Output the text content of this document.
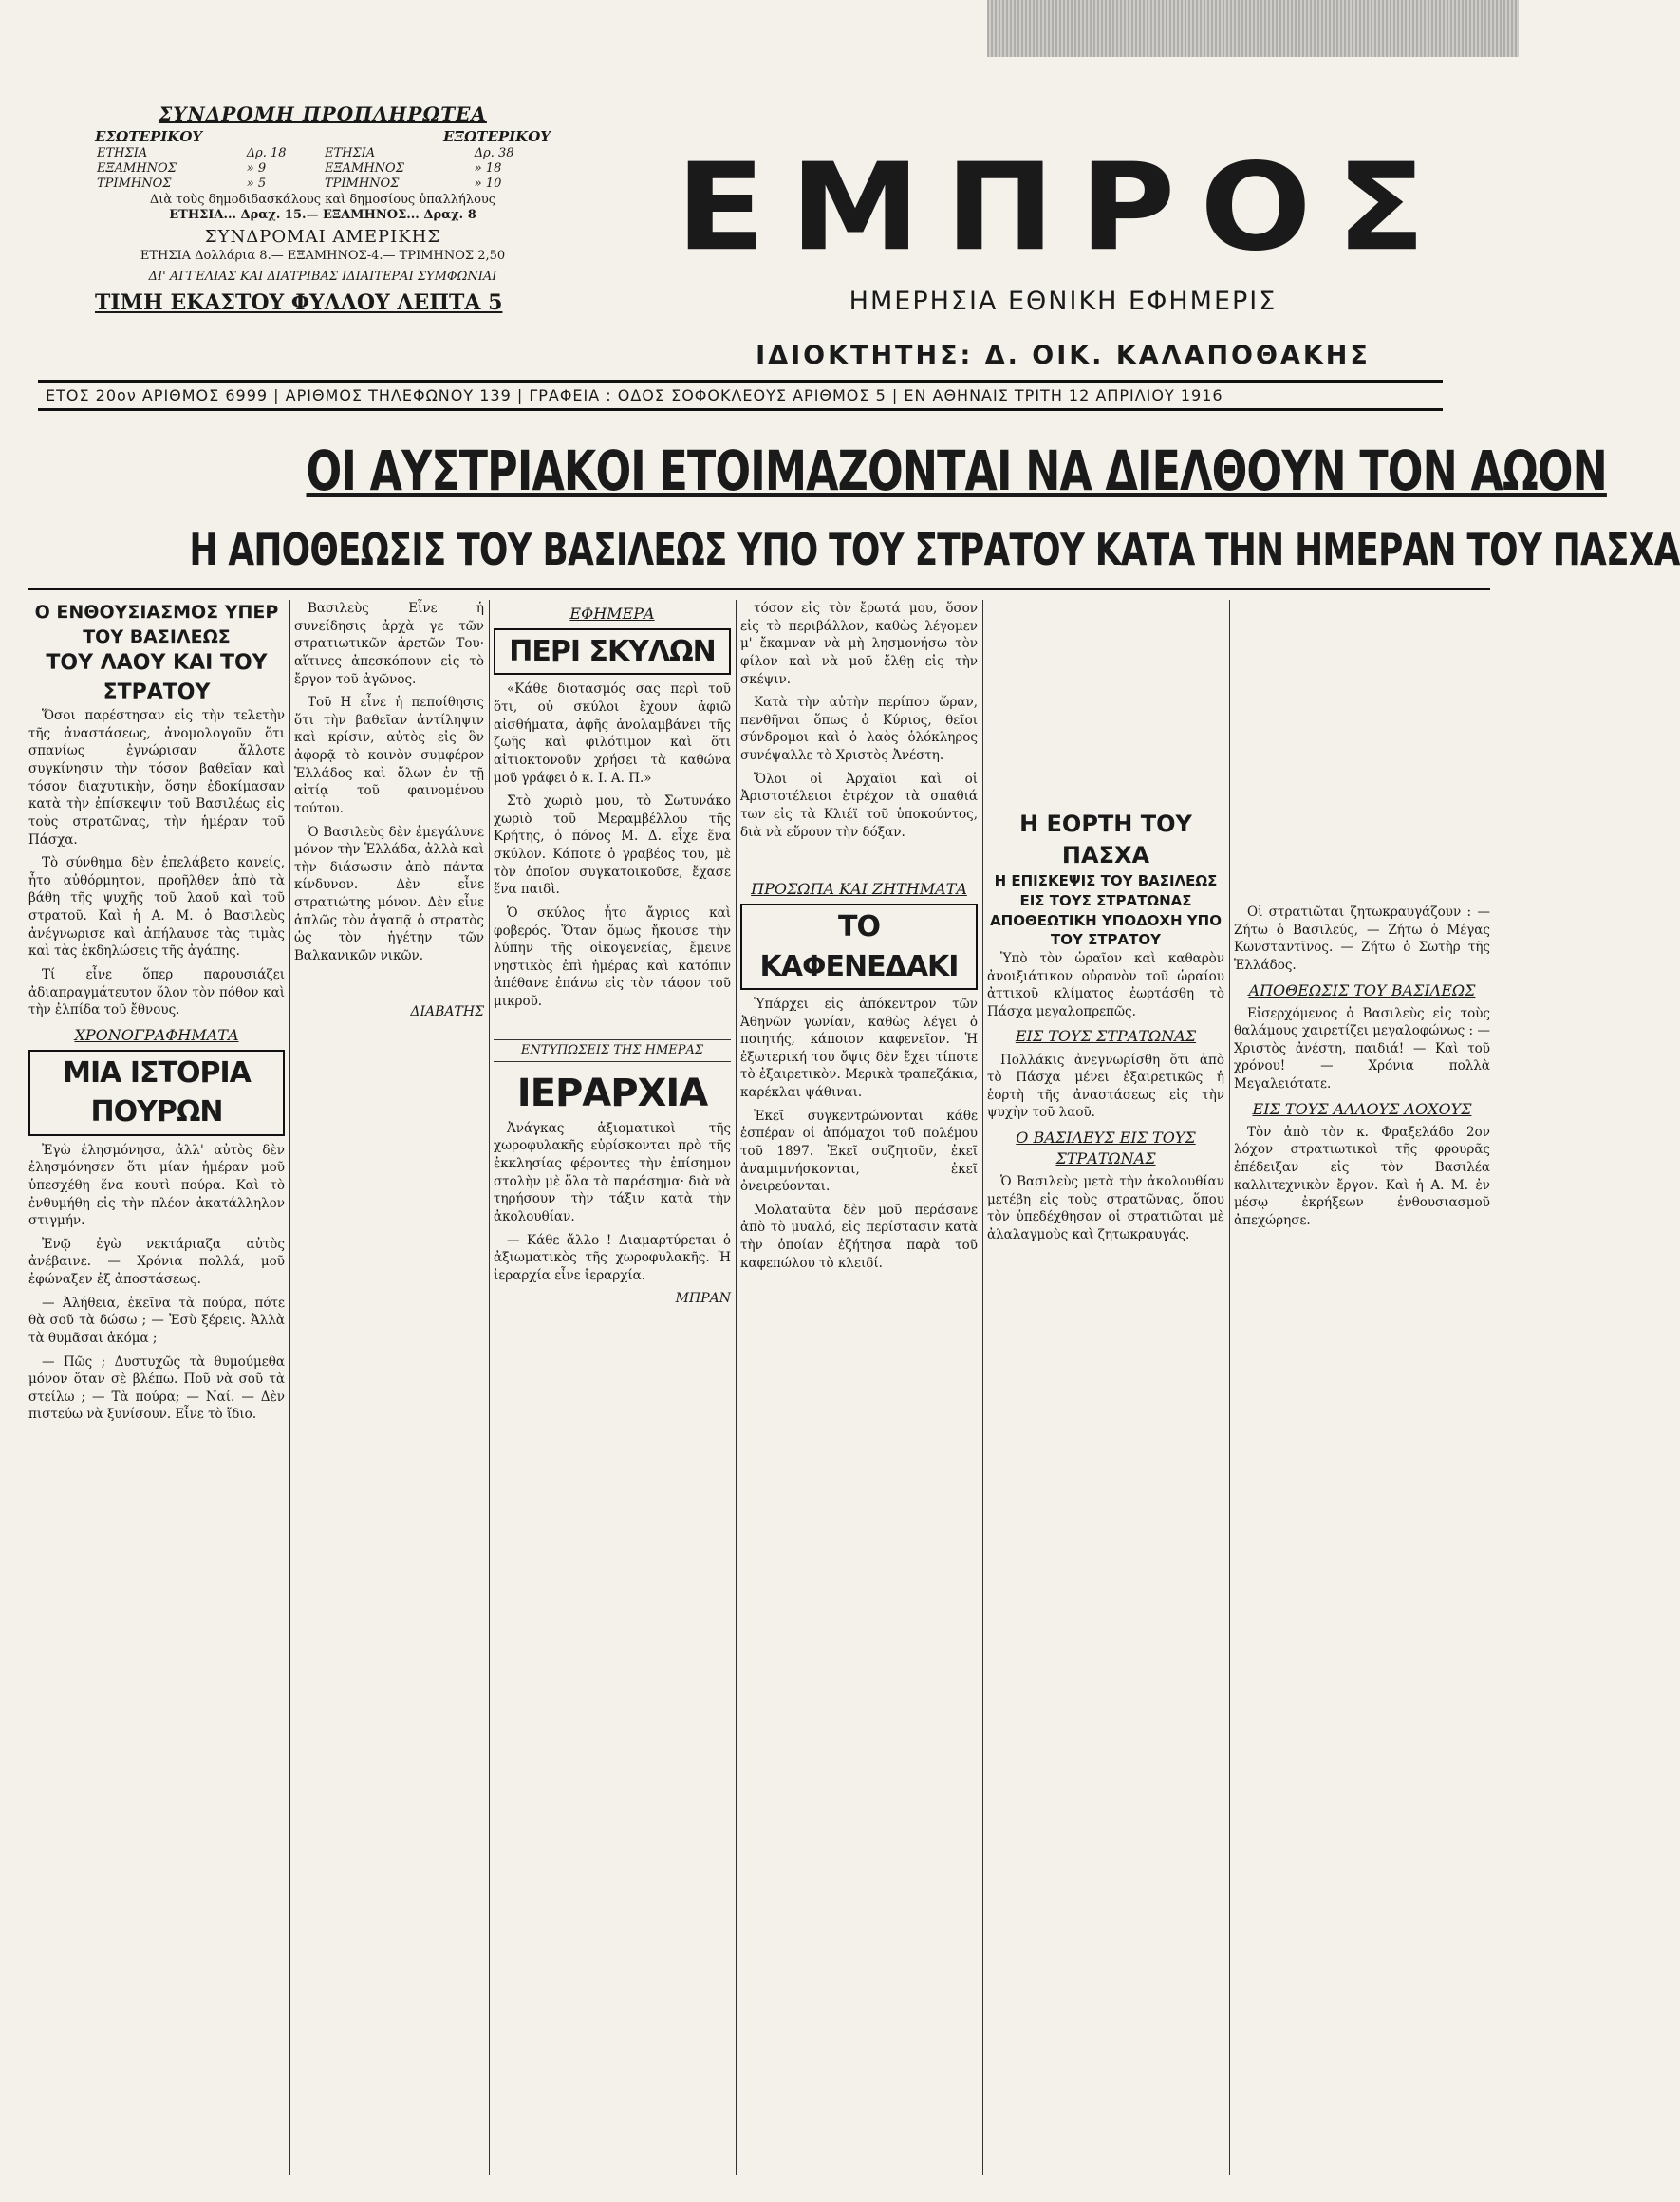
ΣΥΝΔΡΟΜΗ ΠΡΟΠΛΗΡΩΤΕΑ
ΕΣΩΤΕΡΙΚΟΥ	ΕΞΩΤΕΡΙΚΟΥ
ΕΤΗΣΙΑ	Δρ. 18	ΕΤΗΣΙΑ	Δρ. 38
ΕΞΑΜΗΝΟΣ	» 9	ΕΞΑΜΗΝΟΣ	» 18
ΤΡΙΜΗΝΟΣ	» 5	ΤΡΙΜΗΝΟΣ	» 10
Διὰ τοὺς δημοδιδασκάλους καὶ δημοσίους ὑπαλλήλους
ΕΤΗΣΙΑ... Δραχ. 15.— ΕΞΑΜΗΝΟΣ... Δραχ. 8
ΣΥΝΔΡΟΜΑΙ ΑΜΕΡΙΚΗΣ
ΕΤΗΣΙΑ Δολλάρια 8.— ΕΞΑΜΗΝΟΣ-4.— ΤΡΙΜΗΝΟΣ 2,50
ΔΙ' ΑΓΓΕΛΙΑΣ ΚΑΙ ΔΙΑΤΡΙΒΑΣ ΙΔΙΑΙΤΕΡΑΙ ΣΥΜΦΩΝΙΑΙ
ΤΙΜΗ ΕΚΑΣΤΟΥ ΦΥΛΛΟΥ ΛΕΠΤΑ 5
ΕΜΠΡΟΣ
ΗΜΕΡΗΣΙΑ ΕΘΝΙΚΗ ΕΦΗΜΕΡΙΣ
ΙΔΙΟΚΤΗΤΗΣ: Δ. ΟΙΚ. ΚΑΛΑΠΟΘΑΚΗΣ
ΕΤΟΣ 20ον ΑΡΙΘΜΟΣ 6999 | ΑΡΙΘΜΟΣ ΤΗΛΕΦΩΝΟΥ 139 | ΓΡΑΦΕΙΑ : ΟΔΟΣ ΣΟΦΟΚΛΕΟΥΣ ΑΡΙΘΜΟΣ 5 | ΕΝ ΑΘΗΝΑΙΣ ΤΡΙΤΗ 12 ΑΠΡΙΛΙΟΥ 1916
ΟΙ ΑΥΣΤΡΙΑΚΟΙ ΕΤΟΙΜΑΖΟΝΤΑΙ ΝΑ ΔΙΕΛΘΟΥΝ ΤΟΝ ΑΩΟΝ
Η ΑΠΟΘΕΩΣΙΣ ΤΟΥ ΒΑΣΙΛΕΩΣ ΥΠΟ ΤΟΥ ΣΤΡΑΤΟΥ ΚΑΤΑ ΤΗΝ ΗΜΕΡΑΝ ΤΟΥ ΠΑΣΧΑ
Ο ΕΝΘΟΥΣΙΑΣΜΟΣ ΥΠΕΡ ΤΟΥ ΒΑΣΙΛΕΩΣ
ΤΟΥ ΛΑΟΥ ΚΑΙ ΤΟΥ ΣΤΡΑΤΟΥ

Ὅσοι παρέστησαν εἰς τὴν τελετὴν τῆς ἀναστάσεως, ἀνομολογοῦν ὅτι σπανίως ἐγνώρισαν ἄλλοτε συγκίνησιν τὴν τόσον βαθεῖαν καὶ τόσον διαχυτικὴν, ὅσην ἐδοκίμασαν κατὰ τὴν ἐπίσκεψιν τοῦ Βασιλέως εἰς τοὺς στρατῶνας, τὴν ἡμέραν τοῦ Πάσχα.

Τὸ σύνθημα δὲν ἐπελάβετο κανείς, ἦτο αὐθόρμητον, προῆλθεν ἀπὸ τὰ βάθη τῆς ψυχῆς τοῦ λαοῦ καὶ τοῦ στρατοῦ. Καὶ ἡ Α. Μ. ὁ Βασιλεὺς ἀνέγνωρισε καὶ ἀπήλαυσε τὰς τιμὰς καὶ τὰς ἐκδηλώσεις τῆς ἀγάπης.

Τί εἶνε ὅπερ παρουσιάζει ἀδιαπραγμάτευτον ὅλον τὸν πόθον καὶ τὴν ἐλπίδα τοῦ ἔθνους.

ΧΡΟΝΟΓΡΑΦΗΜΑΤΑ
ΜΙΑ ΙΣΤΟΡΙΑ ΠΟΥΡΩΝ

Ἐγὼ ἐλησμόνησα, ἀλλ' αὐτὸς δὲν ἐλησμόνησεν ὅτι μίαν ἡμέραν μοῦ ὑπεσχέθη ἕνα κουτὶ πούρα. Καὶ τὸ ἐνθυμήθη εἰς τὴν πλέον ἀκατάλληλον στιγμήν.

Ἐνῷ ἐγὼ νεκτάριαζα αὐτὸς ἀνέβαινε. — Χρόνια πολλά, μοῦ ἐφώναξεν ἐξ ἀποστάσεως.

— Ἀλήθεια, ἐκεῖνα τὰ πούρα, πότε θὰ σοῦ τὰ δώσω ; — Ἐσὺ ξέρεις. Ἀλλὰ τὰ θυμᾶσαι ἀκόμα ;

— Πῶς ; Δυστυχῶς τὰ θυμούμεθα μόνον ὅταν σὲ βλέπω. Ποῦ νὰ σοῦ τὰ στείλω ; — Τὰ πούρα; — Ναί. — Δὲν πιστεύω νὰ ξυνίσουν. Εἶνε τὸ ἴδιο.

Βασιλεὺς Εἶνε ἡ συνείδησις ἀρχὰ γε τῶν στρατιωτικῶν ἀρετῶν Του· αἵτινες ἀπεσκόπουν εἰς τὸ ἔργον τοῦ ἀγῶνος.

Τοῦ Η εἶνε ἡ πεποίθησις ὅτι τὴν βαθεῖαν ἀντίληψιν καὶ κρίσιν, αὐτὸς εἰς ὃν ἀφορᾷ τὸ κοινὸν συμφέρον Ἑλλάδος καὶ ὅλων ἐν τῇ αἰτίᾳ τοῦ φαινομένου τούτου.

Ὁ Βασιλεὺς δὲν ἐμεγάλυνε μόνον τὴν Ἑλλάδα, ἀλλὰ καὶ τὴν διάσωσιν ἀπὸ πάντα κίνδυνον. Δὲν εἶνε στρατιώτης μόνον. Δὲν εἶνε ἁπλῶς τὸν ἀγαπᾷ ὁ στρατὸς ὡς τὸν ἡγέτην τῶν Βαλκανικῶν νικῶν.

ΔΙΑΒΑΤΗΣ
ΕΦΗΜΕΡΑ
ΠΕΡΙ ΣΚΥΛΩΝ

«Κάθε διοτασμός σας περὶ τοῦ ὅτι, οὐ σκύλοι ἔχουν ἀφιῶ αἰσθήματα, ἀφῆς ἀνολαμβάνει τῆς ζωῆς καὶ φιλότιμον καὶ ὅτι αἰτιοκτονοῦν χρήσει τὰ καθώνα μοῦ γράφει ὁ κ. Ι. Α. Π.»

Στὸ χωριὸ μου, τὸ Σωτυνάκο χωριὸ τοῦ Μεραμβέλλου τῆς Κρήτης, ὁ πόνος Μ. Δ. εἶχε ἕνα σκύλον. Κάποτε ὁ γραβέος του, μὲ τὸν ὁποῖον συγκατοικοῦσε, ἔχασε ἕνα παιδὶ.

Ὁ σκύλος ἦτο ἄγριος καὶ φοβερός. Ὅταν ὅμως ἤκουσε τὴν λύπην τῆς οἰκογενείας, ἔμεινε νηστικὸς ἐπὶ ἡμέρας καὶ κατόπιν ἀπέθανε ἐπάνω εἰς τὸν τάφον τοῦ μικροῦ.

ΕΝΤΥΠΩΣΕΙΣ ΤΗΣ ΗΜΕΡΑΣ
ΙΕΡΑΡΧΙΑ

Ἀνάγκας ἀξιοματικοὶ τῆς χωροφυλακῆς εὑρίσκονται πρὸ τῆς ἐκκλησίας φέροντες τὴν ἐπίσημον στολὴν μὲ ὅλα τὰ παράσημα· διὰ νὰ τηρήσουν τὴν τάξιν κατὰ τὴν ἀκολουθίαν.

— Κάθε ἄλλο ! Διαμαρτύρεται ὁ ἀξιωματικὸς τῆς χωροφυλακῆς. Ἡ ἱεραρχία εἶνε ἱεραρχία.

ΜΠΡΑΝ

τόσον εἰς τὸν ἔρωτά μου, ὅσον εἰς τὸ περιβάλλον, καθὼς λέγομεν μ' ἔκαμναν νὰ μὴ λησμονήσω τὸν φίλον καὶ νὰ μοῦ ἔλθῃ εἰς τὴν σκέψιν.

Κατὰ τὴν αὐτὴν περίπου ὥραν, πενθῆναι ὅπως ὁ Κύριος, θεῖοι σύνδρομοι καὶ ὁ λαὸς ὁλόκληρος συνέψαλλε τὸ Χριστὸς Ἀνέστη.

Ὅλοι οἱ Ἀρχαῖοι καὶ οἱ Ἀριστοτέλειοι ἐτρέχον τὰ σπαθιά των εἰς τὰ Κλιέϊ τοῦ ὑποκούντος, διὰ νὰ εὕρουν τὴν δόξαν.

ΠΡΟΣΩΠΑ ΚΑΙ ΖΗΤΗΜΑΤΑ
ΤΟ ΚΑΦΕΝΕΔΑΚΙ

Ὑπάρχει εἰς ἀπόκεντρον τῶν Ἀθηνῶν γωνίαν, καθὼς λέγει ὁ ποιητής, κάποιον καφενεῖον. Ἡ ἐξωτερική του ὄψις δὲν ἔχει τίποτε τὸ ἐξαιρετικὸν. Μερικὰ τραπεζάκια, καρέκλαι ψάθιναι.

Ἐκεῖ συγκεντρώνονται κάθε ἑσπέραν οἱ ἀπόμαχοι τοῦ πολέμου τοῦ 1897. Ἐκεῖ συζητοῦν, ἐκεῖ ἀναμιμνήσκονται, ἐκεῖ ὀνειρεύονται.

Μολαταῦτα δὲν μοῦ περάσανε ἀπὸ τὸ μυαλό, εἰς περίστασιν κατὰ τὴν ὁποίαν ἐζήτησα παρὰ τοῦ καφεπώλου τὸ κλειδί.

Η ΕΟΡΤΗ ΤΟΥ ΠΑΣΧΑ
Η ΕΠΙΣΚΕΨΙΣ ΤΟΥ ΒΑΣΙΛΕΩΣ ΕΙΣ ΤΟΥΣ ΣΤΡΑΤΩΝΑΣ
ΑΠΟΘΕΩΤΙΚΗ ΥΠΟΔΟΧΗ ΥΠΟ ΤΟΥ ΣΤΡΑΤΟΥ

Ὑπὸ τὸν ὡραῖον καὶ καθαρὸν ἀνοιξιάτικον οὐρανὸν τοῦ ὡραίου ἀττικοῦ κλίματος ἐωρτάσθη τὸ Πάσχα μεγαλοπρεπῶς.

ΕΙΣ ΤΟΥΣ ΣΤΡΑΤΩΝΑΣ

Πολλάκις ἀνεγνωρίσθη ὅτι ἀπὸ τὸ Πάσχα μένει ἐξαιρετικῶς ἡ ἑορτὴ τῆς ἀναστάσεως εἰς τὴν ψυχὴν τοῦ λαοῦ.

Ο ΒΑΣΙΛΕΥΣ ΕΙΣ ΤΟΥΣ ΣΤΡΑΤΩΝΑΣ

Ὁ Βασιλεὺς μετὰ τὴν ἀκολουθίαν μετέβη εἰς τοὺς στρατῶνας, ὅπου τὸν ὑπεδέχθησαν οἱ στρατιῶται μὲ ἀλαλαγμοὺς καὶ ζητωκραυγάς.

Οἱ στρατιῶται ζητωκραυγάζουν : — Ζήτω ὁ Βασιλεύς, — Ζήτω ὁ Μέγας Κωνσταντῖνος. — Ζήτω ὁ Σωτὴρ τῆς Ἑλλάδος.

ΑΠΟΘΕΩΣΙΣ ΤΟΥ ΒΑΣΙΛΕΩΣ

Εἰσερχόμενος ὁ Βασιλεὺς εἰς τοὺς θαλάμους χαιρετίζει μεγαλοφώνως : — Χριστὸς ἀνέστη, παιδιά! — Καὶ τοῦ χρόνου! — Χρόνια πολλὰ Μεγαλειότατε.

ΕΙΣ ΤΟΥΣ ΑΛΛΟΥΣ ΛΟΧΟΥΣ

Τὸν ἀπὸ τὸν κ. Φραξελάδο 2ον λόχον στρατιωτικοὶ τῆς φρουρᾶς ἐπέδειξαν εἰς τὸν Βασιλέα καλλιτεχνικὸν ἔργον. Καὶ ἡ Α. Μ. ἐν μέσῳ ἐκρήξεων ἐνθουσιασμοῦ ἀπεχώρησε.
